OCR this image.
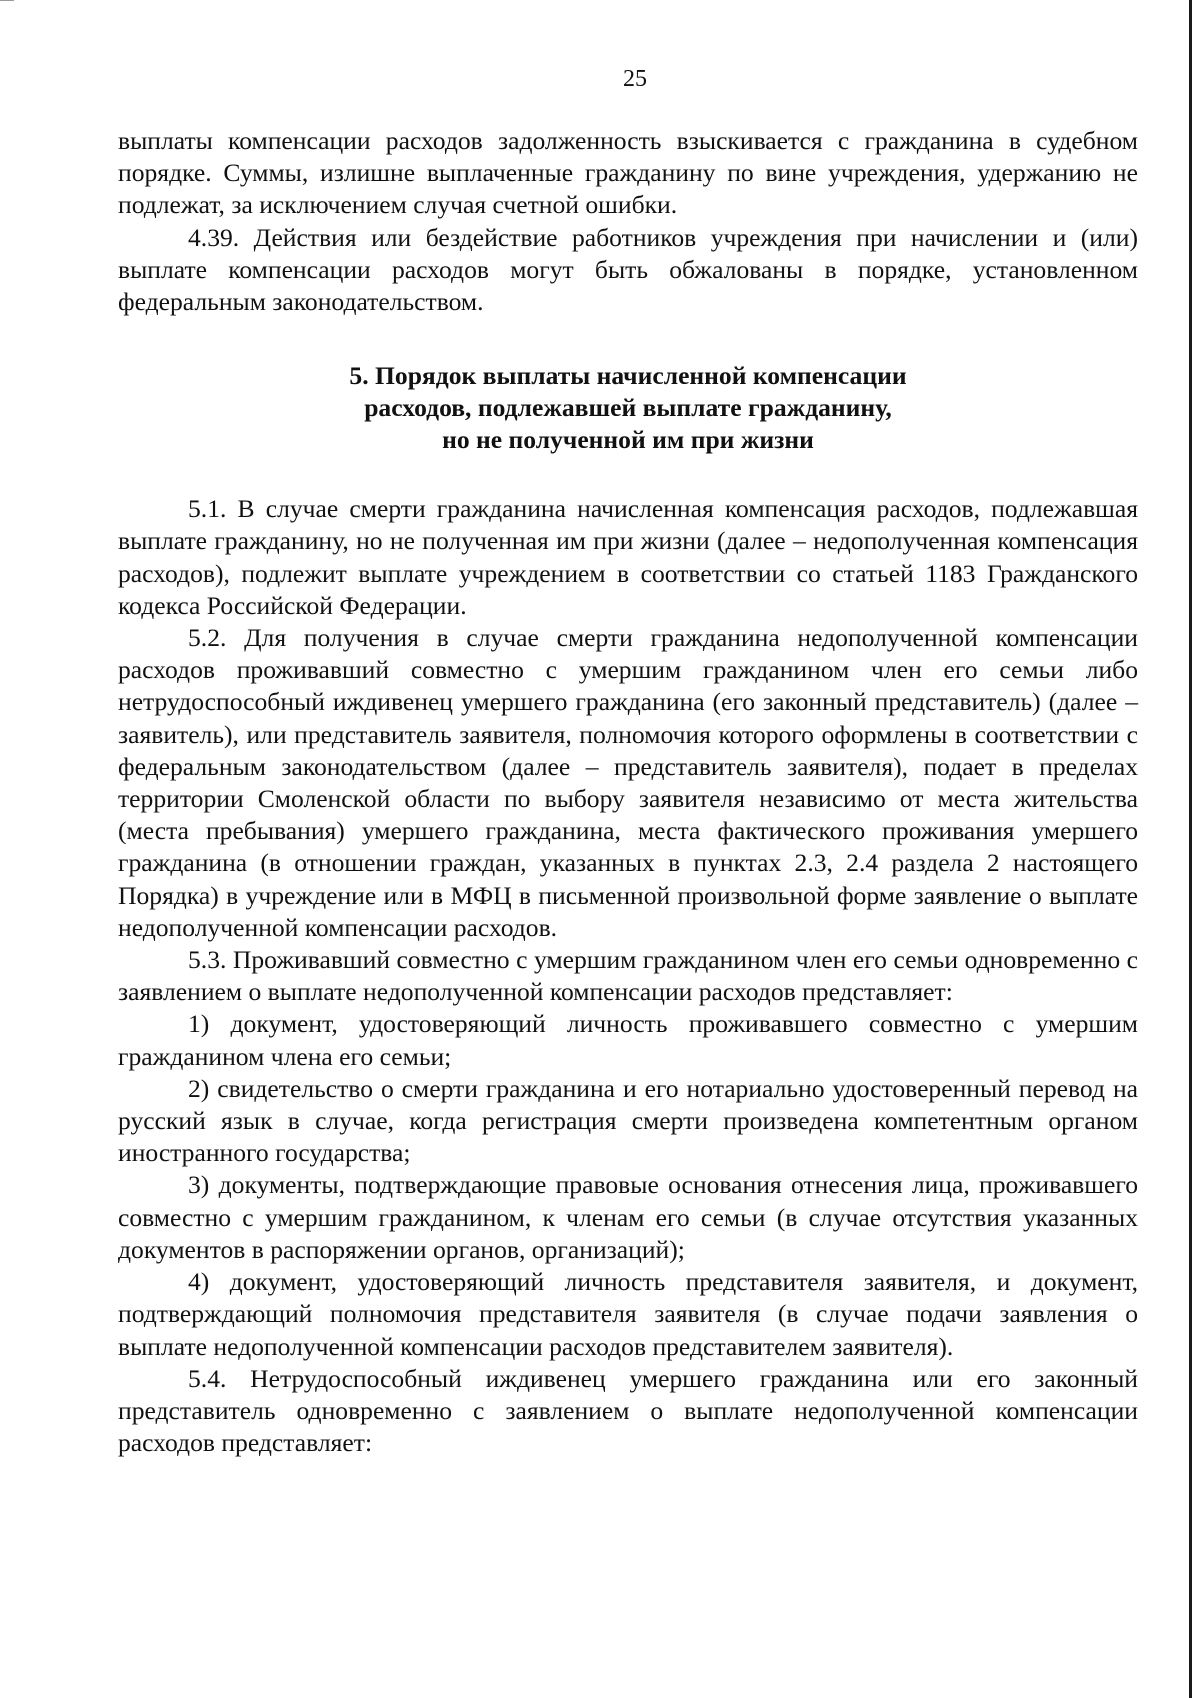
25

выплаты компенсации расходов задолженность взыскивается с гражданина в судебном порядке. Суммы, излишне выплаченные гражданину по вине учреждения, удержанию не подлежат, за исключением случая счетной ошибки.

4.39. Действия или бездействие работников учреждения при начислении и (или) выплате компенсации расходов могут быть обжалованы в порядке, установленном федеральным законодательством.

5. Порядок выплаты начисленной компенсации
расходов, подлежавшей выплате гражданину,
но не полученной им при жизни

5.1. В случае смерти гражданина начисленная компенсация расходов, подлежавшая выплате гражданину, но не полученная им при жизни (далее – недополученная компенсация расходов), подлежит выплате учреждением в соответствии со статьей 1183 Гражданского кодекса Российской Федерации.

5.2. Для получения в случае смерти гражданина недополученной компенсации расходов проживавший совместно с умершим гражданином член его семьи либо нетрудоспособный иждивенец умершего гражданина (его законный представитель) (далее – заявитель), или представитель заявителя, полномочия которого оформлены в соответствии с федеральным законодательством (далее – представитель заявителя), подает в пределах территории Смоленской области по выбору заявителя независимо от места жительства (места пребывания) умершего гражданина, места фактического проживания умершего гражданина (в отношении граждан, указанных в пунктах 2.3, 2.4 раздела 2 настоящего Порядка) в учреждение или в МФЦ в письменной произвольной форме заявление о выплате недополученной компенсации расходов.

5.3. Проживавший совместно с умершим гражданином член его семьи одновременно с заявлением о выплате недополученной компенсации расходов представляет:

1) документ, удостоверяющий личность проживавшего совместно с умершим гражданином члена его семьи;

2) свидетельство о смерти гражданина и его нотариально удостоверенный перевод на русский язык в случае, когда регистрация смерти произведена компетентным органом иностранного государства;

3) документы, подтверждающие правовые основания отнесения лица, проживавшего совместно с умершим гражданином, к членам его семьи (в случае отсутствия указанных документов в распоряжении органов, организаций);

4) документ, удостоверяющий личность представителя заявителя, и документ, подтверждающий полномочия представителя заявителя (в случае подачи заявления о выплате недополученной компенсации расходов представителем заявителя).

5.4. Нетрудоспособный иждивенец умершего гражданина или его законный представитель одновременно с заявлением о выплате недополученной компенсации расходов представляет:
